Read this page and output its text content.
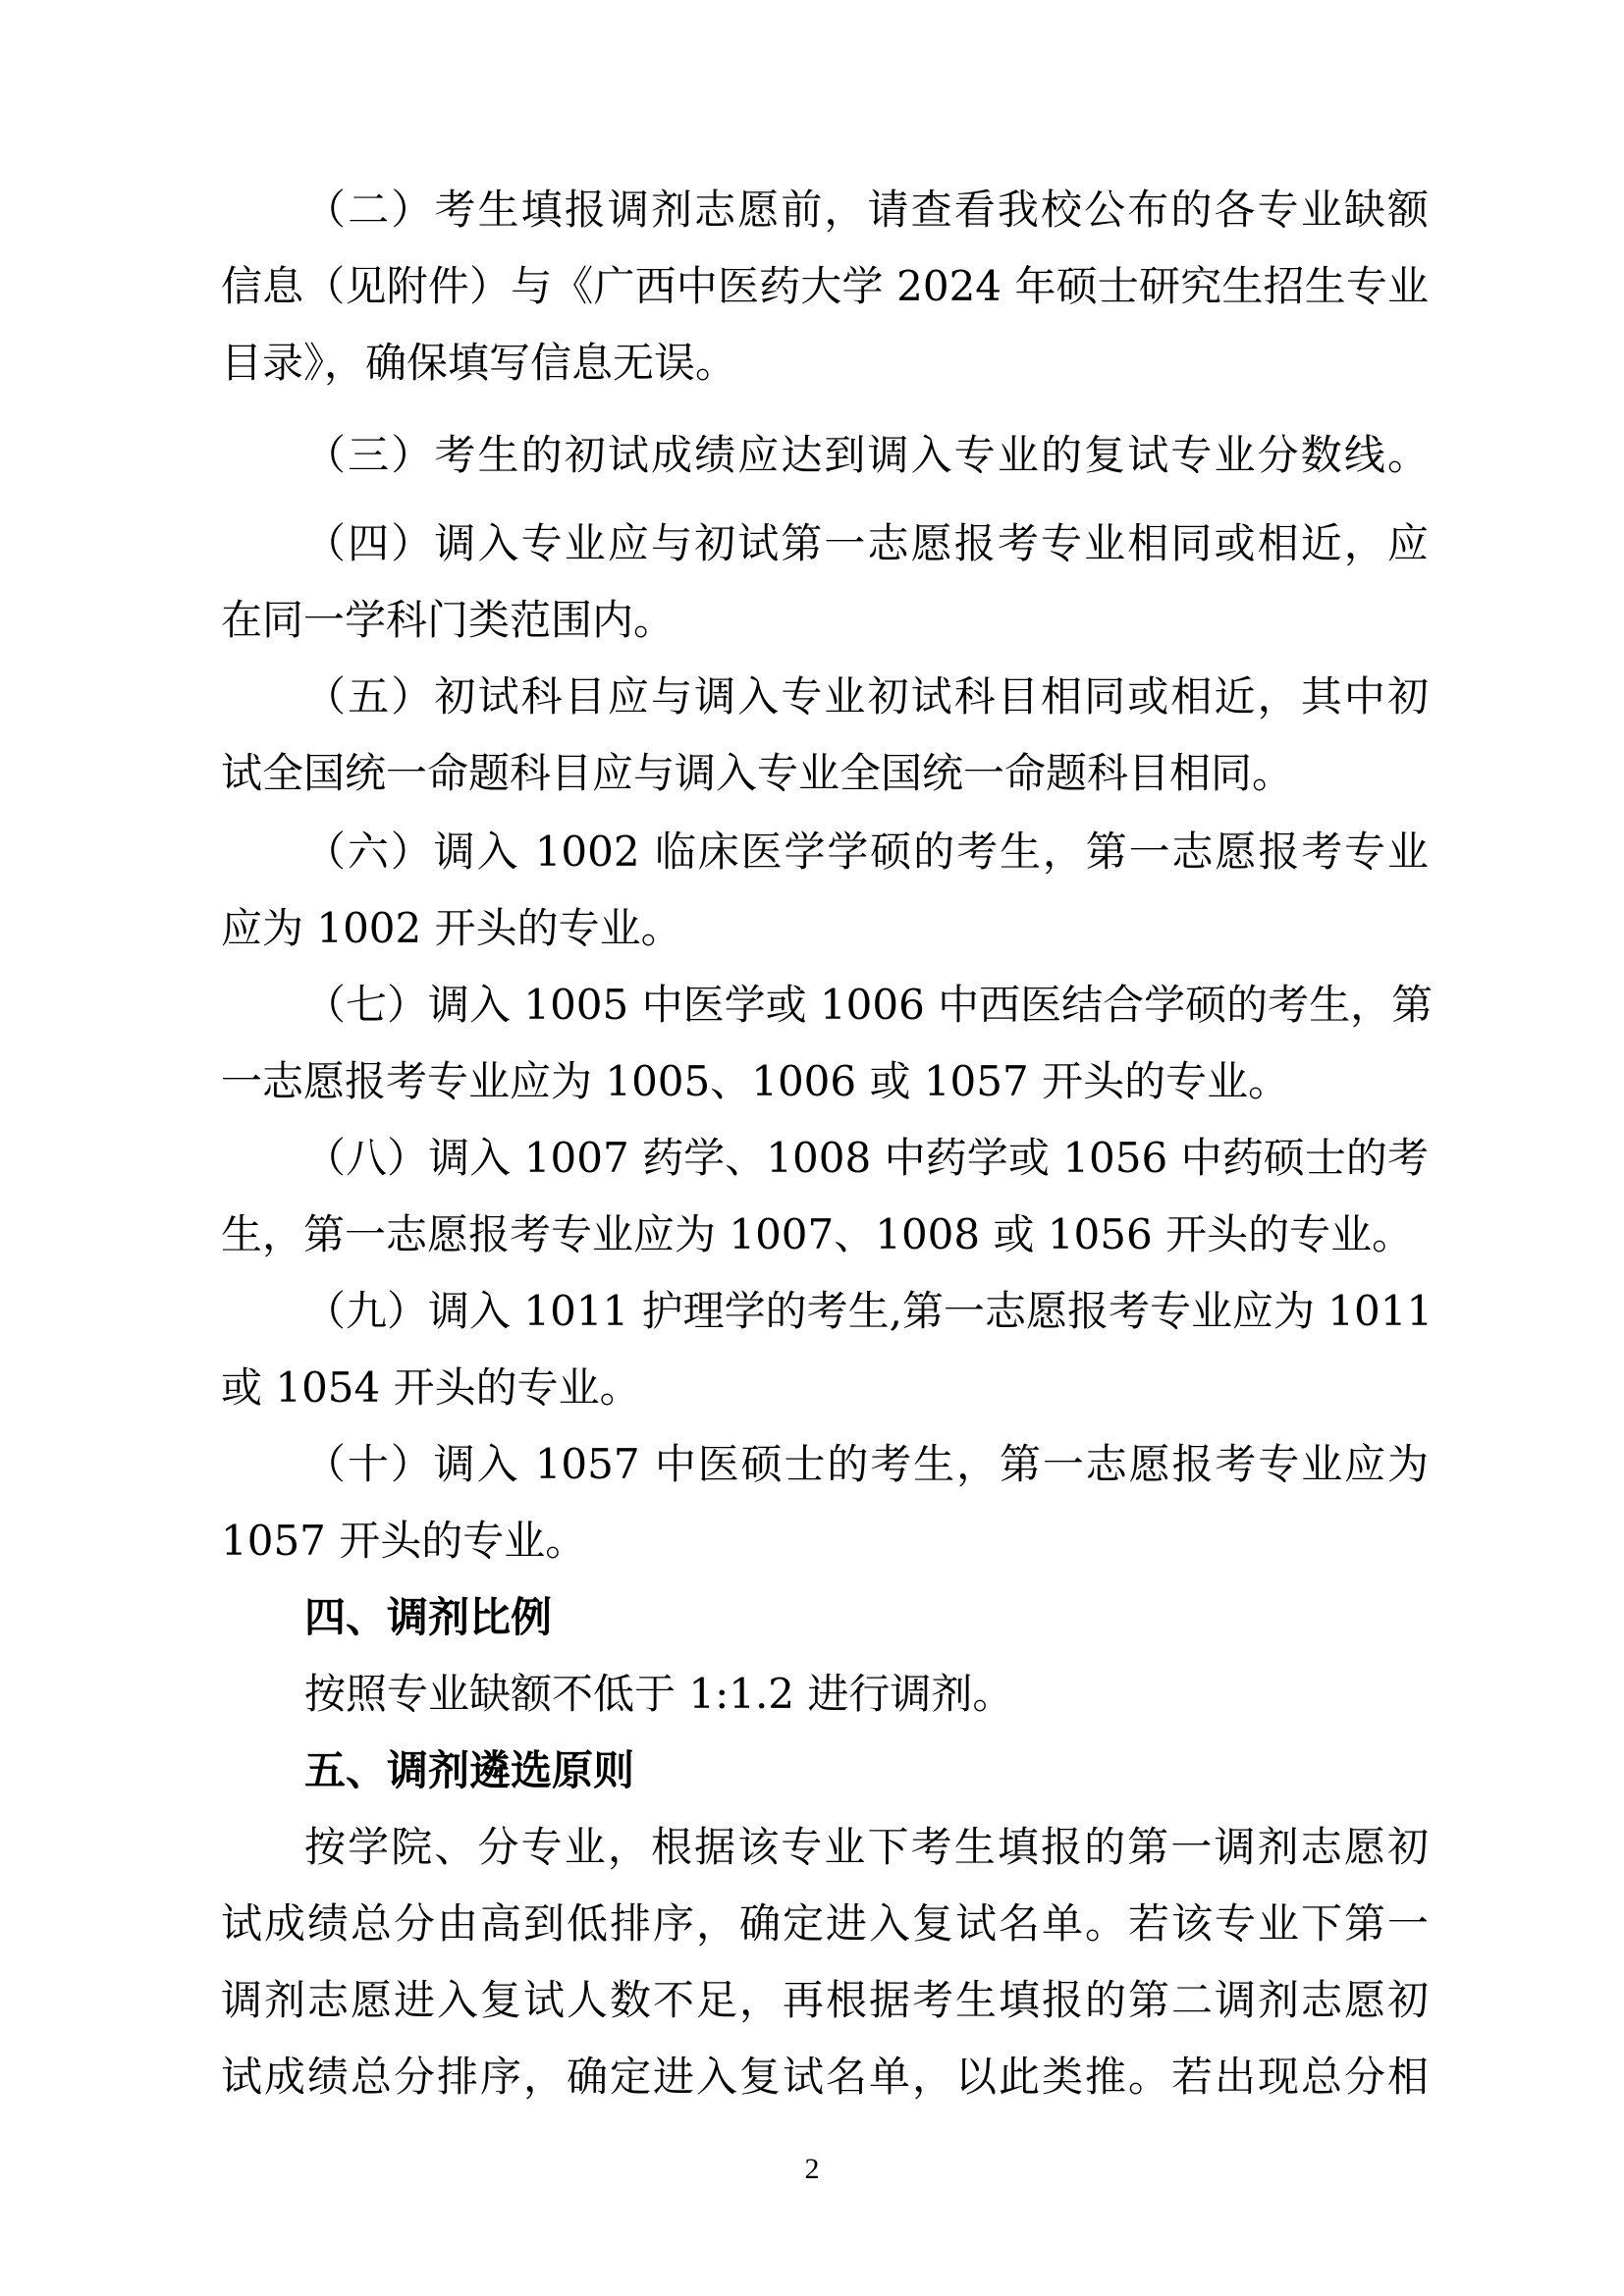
（二）考生填报调剂志愿前，请查看我校公布的各专业缺额
信息（见附件）与《广西中医药大学 2024 年硕士研究生招生专业
目录》，确保填写信息无误。
（三）考生的初试成绩应达到调入专业的复试专业分数线。
（四）调入专业应与初试第一志愿报考专业相同或相近，应
在同一学科门类范围内。
（五）初试科目应与调入专业初试科目相同或相近，其中初
试全国统一命题科目应与调入专业全国统一命题科目相同。
（六）调入 1002 临床医学学硕的考生，第一志愿报考专业
应为 1002 开头的专业。
（七）调入 1005 中医学或 1006 中西医结合学硕的考生，第
一志愿报考专业应为 1005、1006 或 1057 开头的专业。
（八）调入 1007 药学、1008 中药学或 1056 中药硕士的考
生，第一志愿报考专业应为 1007、1008 或 1056 开头的专业。
（九）调入 1011 护理学的考生,第一志愿报考专业应为 1011
或 1054 开头的专业。
（十）调入 1057 中医硕士的考生，第一志愿报考专业应为
1057 开头的专业。
四、调剂比例
按照专业缺额不低于 1:1.2 进行调剂。
五、调剂遴选原则
按学院、分专业，根据该专业下考生填报的第一调剂志愿初
试成绩总分由高到低排序，确定进入复试名单。若该专业下第一
调剂志愿进入复试人数不足，再根据考生填报的第二调剂志愿初
试成绩总分排序，确定进入复试名单，以此类推。若出现总分相
2
